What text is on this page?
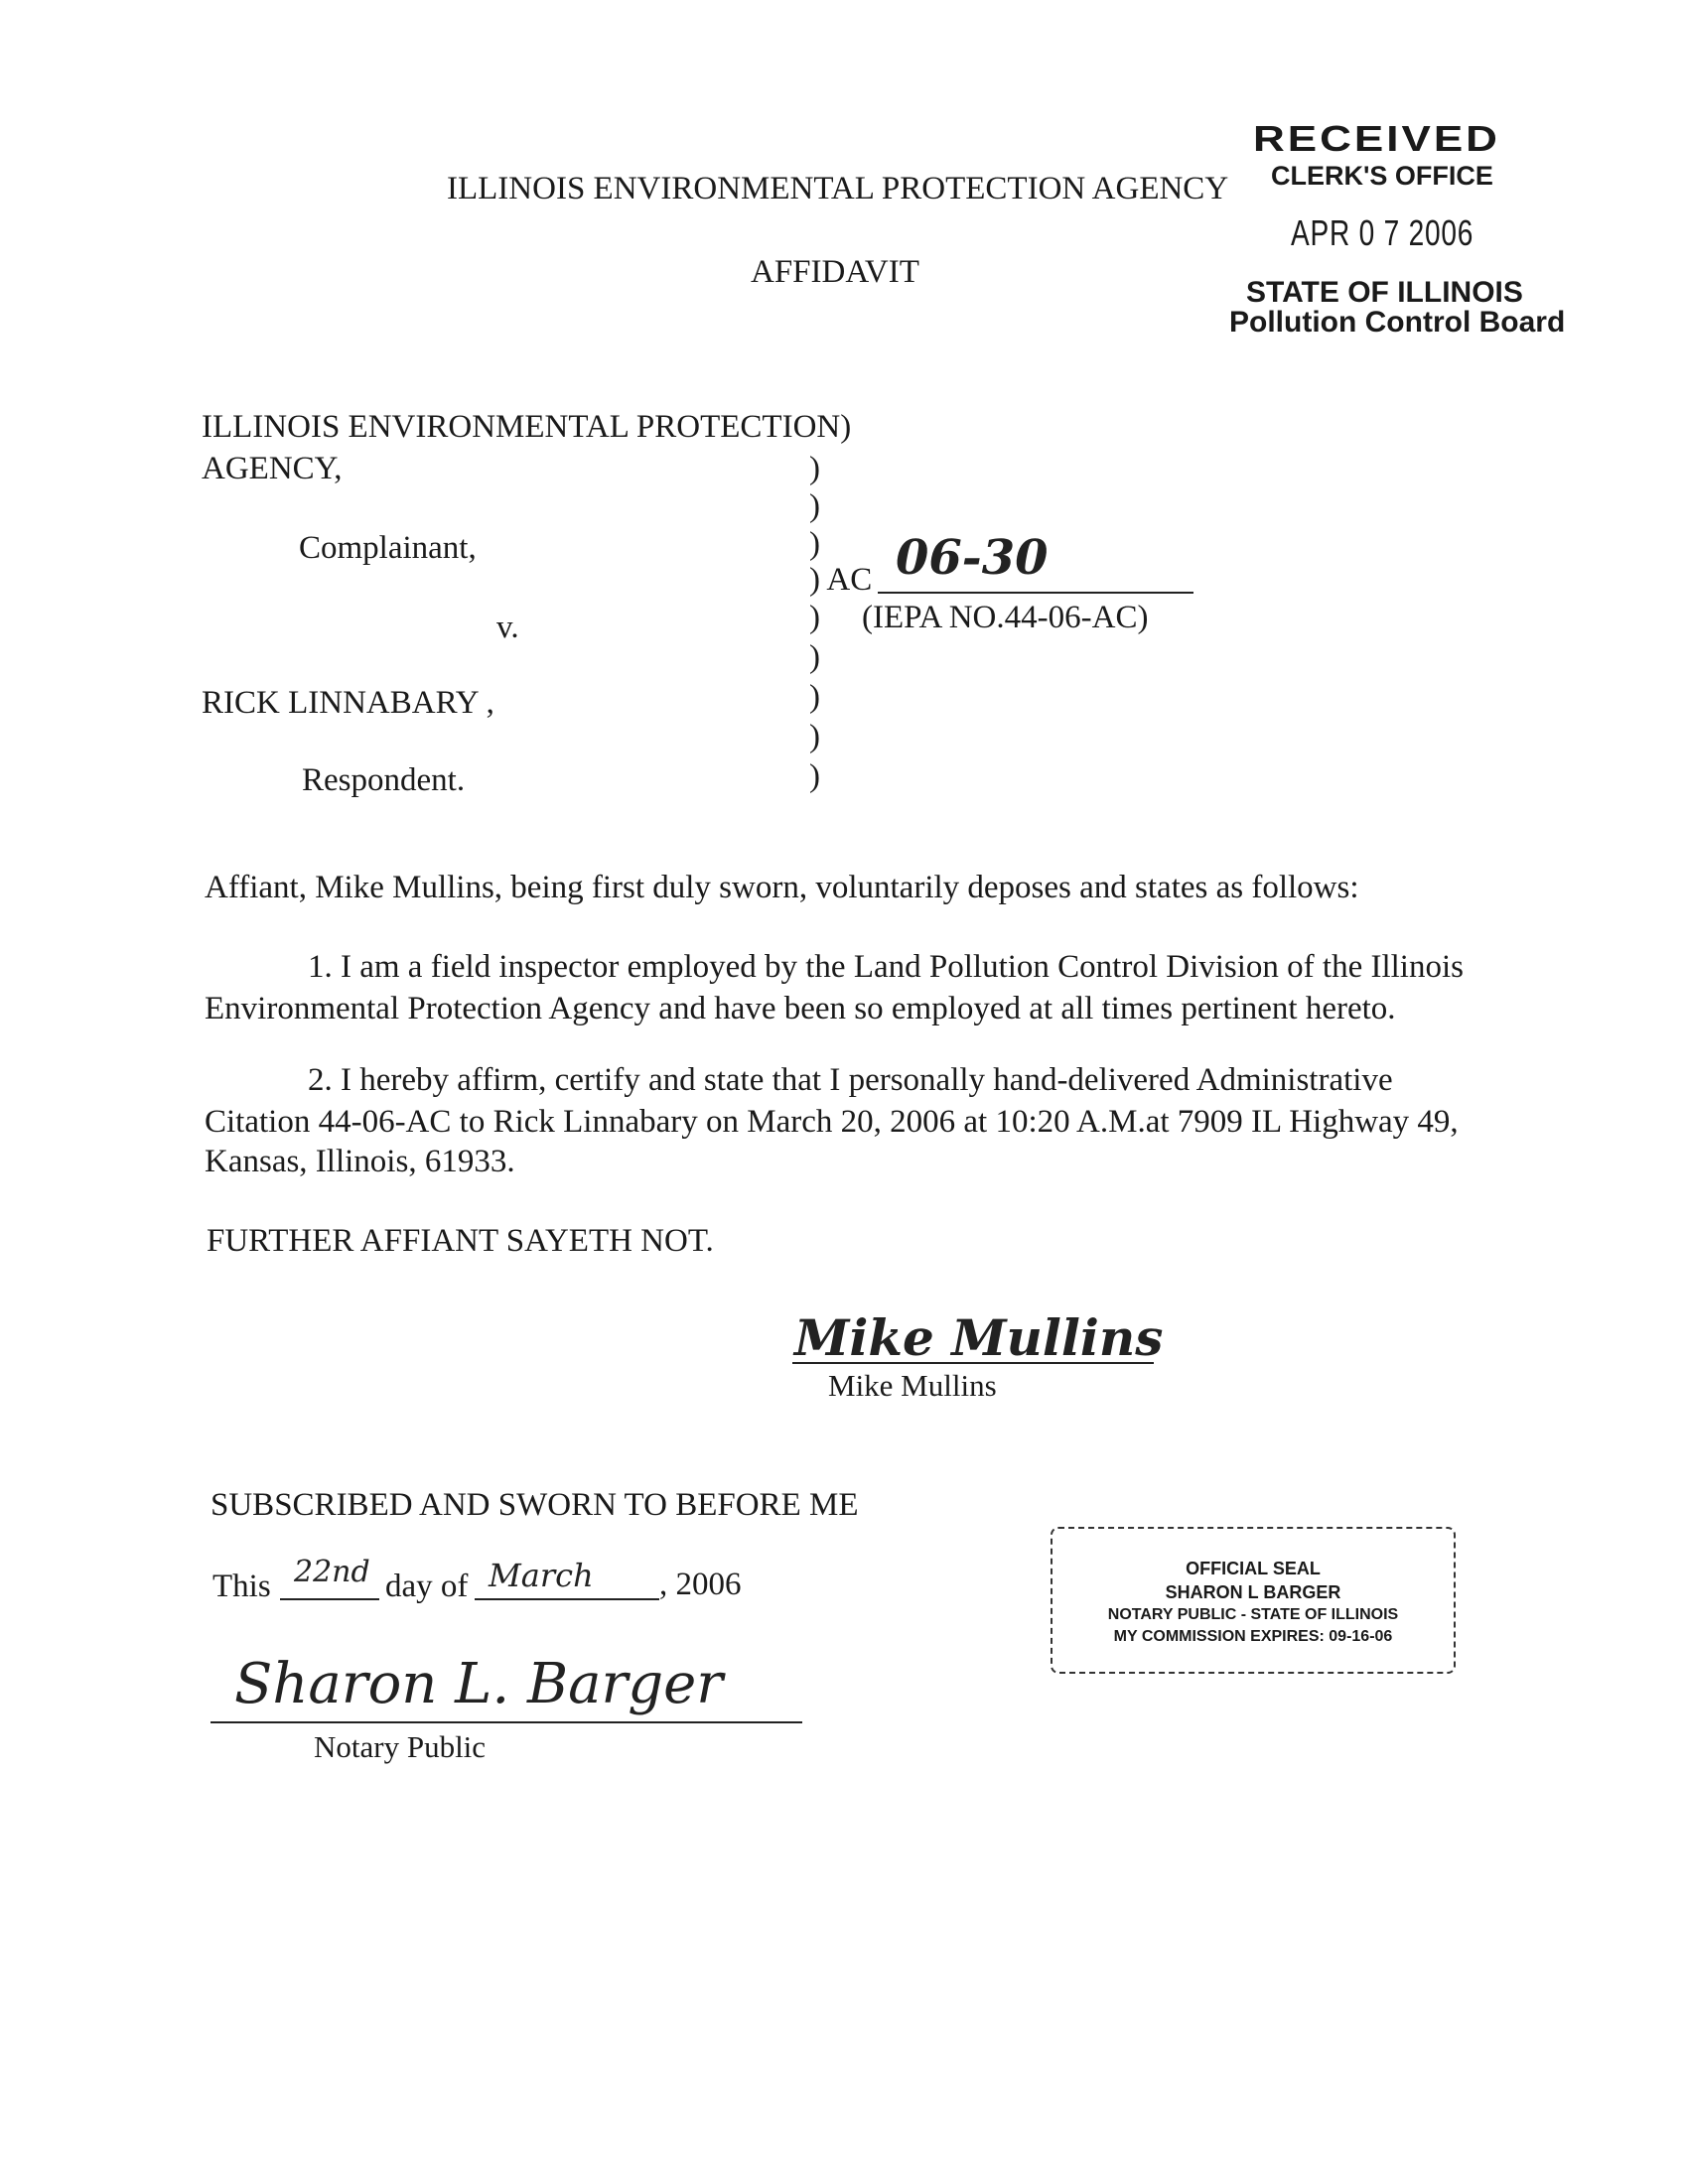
RECEIVED
CLERK'S OFFICE
APR 0 7 2006
STATE OF ILLINOIS
Pollution Control Board
ILLINOIS ENVIRONMENTAL PROTECTION AGENCY
AFFIDAVIT
ILLINOIS ENVIRONMENTAL PROTECTION)
AGENCY,
Complainant,
v.
RICK LINNABARY ,
Respondent.
)
)
)
) AC 06-30
) (IEPA NO.44-06-AC)
)
)
)
)
Affiant, Mike Mullins, being first duly sworn, voluntarily deposes and states as follows:
1. I am a field inspector employed by the Land Pollution Control Division of the Illinois
Environmental Protection Agency and have been so employed at all times pertinent hereto.
2. I hereby affirm, certify and state that I personally hand-delivered Administrative
Citation 44-06-AC to Rick Linnabary on March 20, 2006 at 10:20 A.M.at 7909 IL Highway 49,
Kansas, Illinois, 61933.
FURTHER AFFIANT SAYETH NOT.
Mike Mullins
Mike Mullins
SUBSCRIBED AND SWORN TO BEFORE ME
This 22nd day of March , 2006
Sharon L. Barger
Notary Public
OFFICIAL SEAL
SHARON L BARGER
NOTARY PUBLIC - STATE OF ILLINOIS
MY COMMISSION EXPIRES: 09-16-06
